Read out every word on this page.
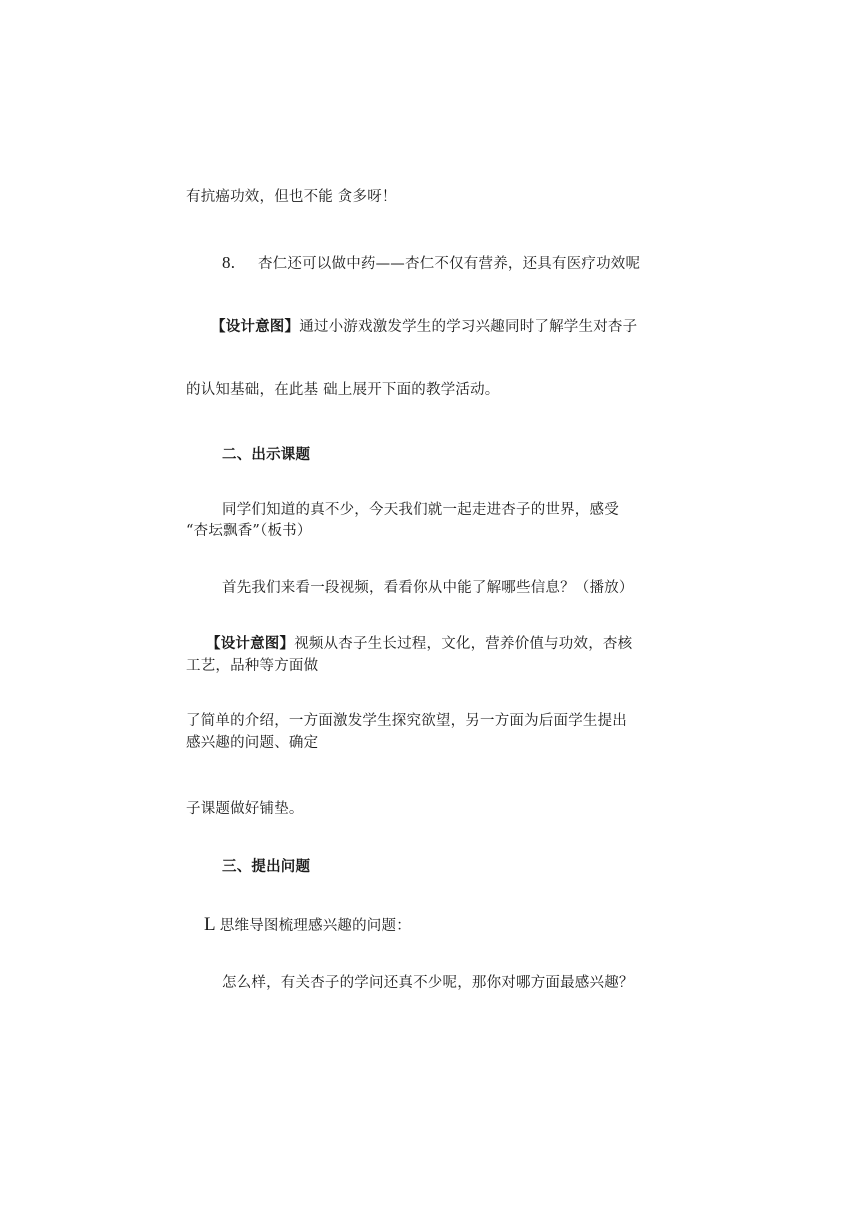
有抗癌功效，但也不能 贪多呀！
8. 杏仁还可以做中药——杏仁不仅有营养，还具有医疗功效呢
【设计意图】通过小游戏激发学生的学习兴趣同时了解学生对杏子
的认知基础，在此基 础上展开下面的教学活动。
二、出示课题
同学们知道的真不少，今天我们就一起走进杏子的世界，感受
“杏坛飘香”（板书）
首先我们来看一段视频，看看你从中能了解哪些信息？（播放）
【设计意图】视频从杏子生长过程，文化，营养价值与功效，杏核
工艺，品种等方面做
了简单的介绍，一方面激发学生探究欲望，另一方面为后面学生提出
感兴趣的问题、确定
子课题做好铺垫。
三、提出问题
L 思维导图梳理感兴趣的问题：
怎么样，有关杏子的学问还真不少呢，那你对哪方面最感兴趣？
